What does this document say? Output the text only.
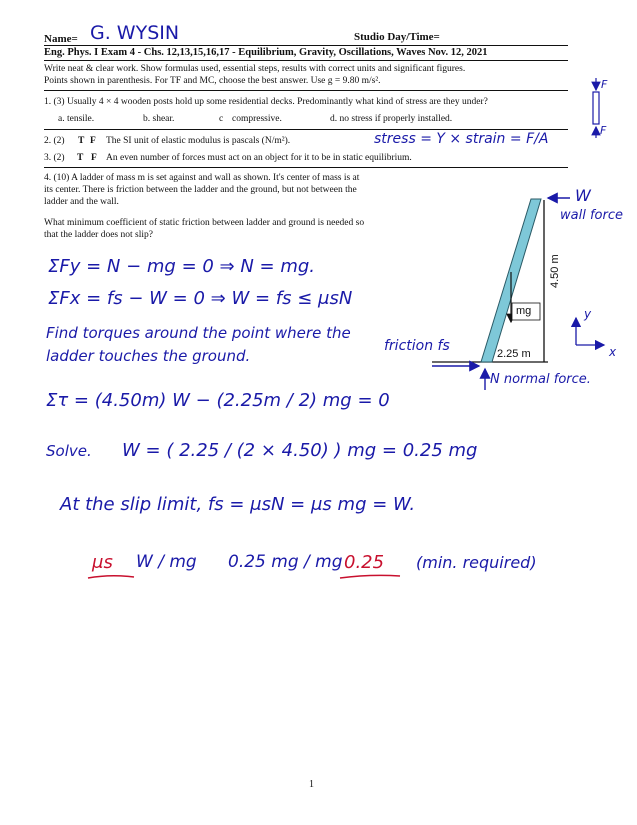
Name= G. WYSIN	Studio Day/Time=
Eng. Phys. I Exam 4 - Chs. 12,13,15,16,17 - Equilibrium, Gravity, Oscillations, Waves Nov. 12, 2021
Write neat & clear work. Show formulas used, essential steps, results with correct units and significant figures.
Points shown in parenthesis. For TF and MC, choose the best answer. Use g = 9.80 m/s².
1. (3) Usually 4 × 4 wooden posts hold up some residential decks. Predominantly what kind of stress are they under?
a. tensile.	b. shear.	c compressive.	d. no stress if properly installed.
2. (2) T F The SI unit of elastic modulus is pascals (N/m²).	stress = Y × strain = F/A
3. (2) T F An even number of forces must act on an object for it to be in static equilibrium.
4. (10) A ladder of mass m is set against and wall as shown. It's center of mass is at
its center. There is friction between the ladder and the ground, but not between the
ladder and the wall.
What minimum coefficient of static friction between ladder and ground is needed so
that the ladder does not slip?
4.50 m
2.25 m
mg
W
wall force
friction fs
N normal force.
y
x
F
F
ΣFy = N − mg = 0 ⇒ N = mg.
ΣFx = fs − W = 0 ⇒ W = fs ≤ μsN
Find torques around the point where the
ladder touches the ground.
Στ = (4.50m) W − (2.25m / 2) mg = 0
Solve. W = ( 2.25 / (2 × 4.50) ) mg = 0.25 mg
At the slip limit, fs = μsN = μs mg = W.
μs W / mg 0.25 mg / mg 0.25 (min. required)
1
